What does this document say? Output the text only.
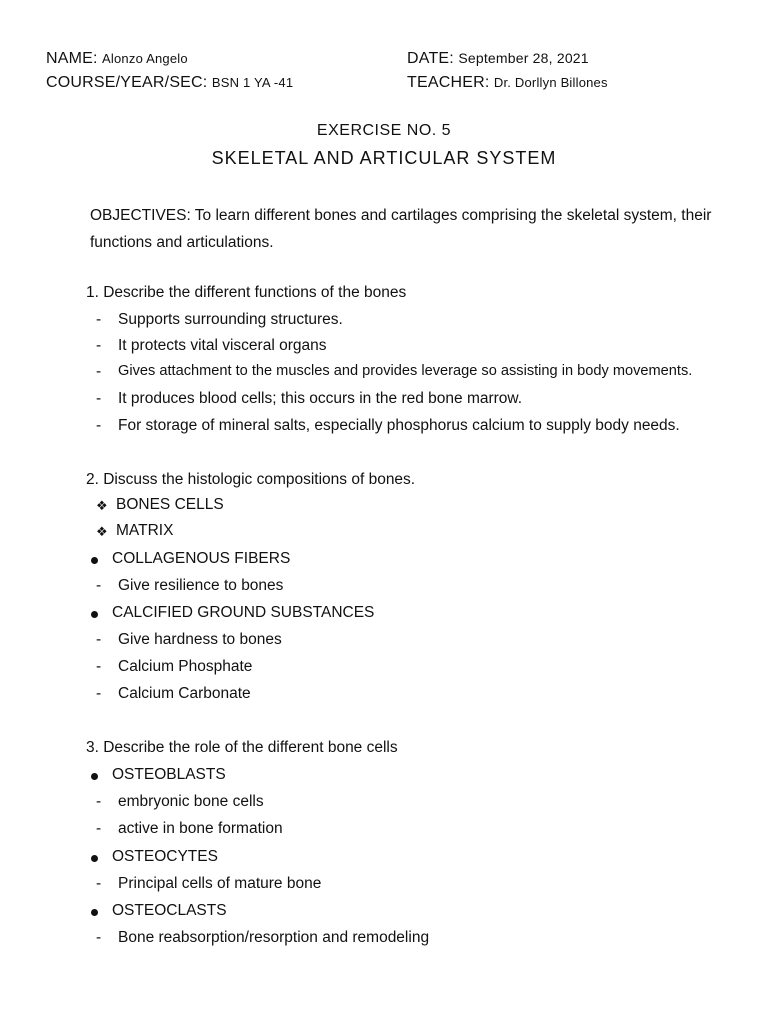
NAME: Alonzo Angelo
COURSE/YEAR/SEC: BSN 1 YA -41
DATE: September 28, 2021
TEACHER: Dr. Dorllyn Billones
EXERCISE NO. 5
SKELETAL AND ARTICULAR SYSTEM
OBJECTIVES: To learn different bones and cartilages comprising the skeletal system, their functions and articulations.
1. Describe the different functions of the bones
- Supports surrounding structures.
- It protects vital visceral organs
- Gives attachment to the muscles and provides leverage so assisting in body movements.
- It produces blood cells; this occurs in the red bone marrow.
- For storage of mineral salts, especially phosphorus calcium to supply body needs.
2. Discuss the histologic compositions of bones.
❖ BONES CELLS
❖ MATRIX
COLLAGENOUS FIBERS
- Give resilience to bones
CALCIFIED GROUND SUBSTANCES
- Give hardness to bones
- Calcium Phosphate
- Calcium Carbonate
3. Describe the role of the different bone cells
OSTEOBLASTS
- embryonic bone cells
- active in bone formation
OSTEOCYTES
- Principal cells of mature bone
OSTEOCLASTS
- Bone reabsorption/resorption and remodeling
